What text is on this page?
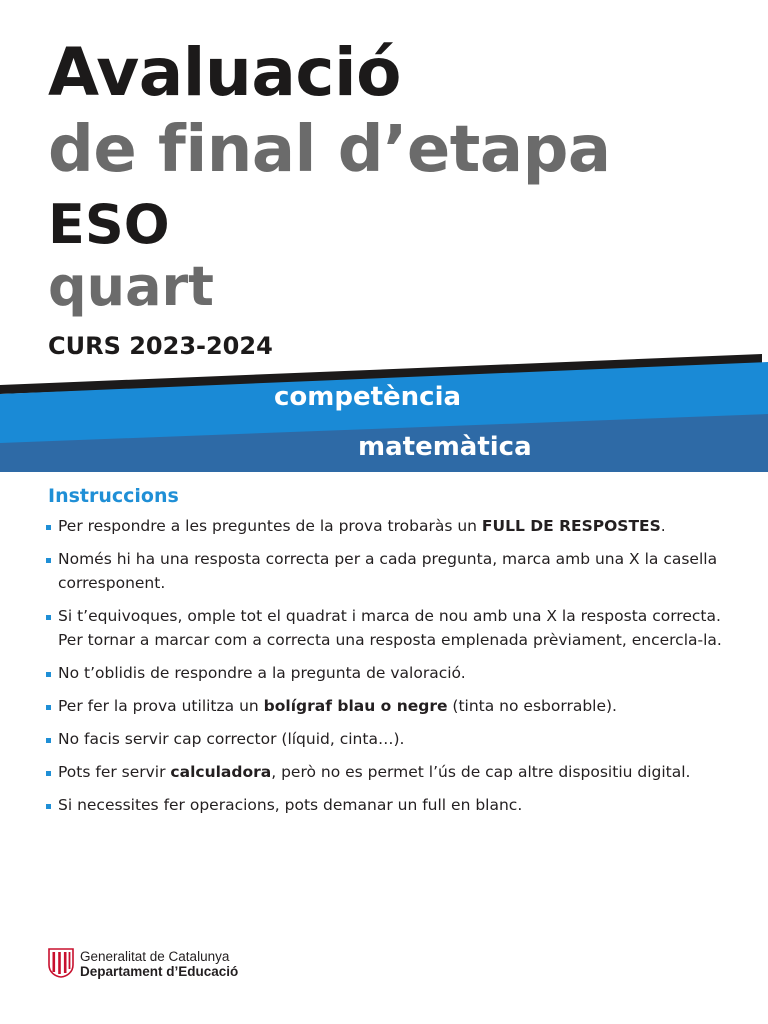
Avaluació
de final d’etapa
ESO
quart
CURS 2023-2024
competència
matemàtica
Instruccions
Per respondre a les preguntes de la prova trobaràs un FULL DE RESPOSTES.
Només hi ha una resposta correcta per a cada pregunta, marca amb una X la casella corresponent.
Si t’equivoques, omple tot el quadrat i marca de nou amb una X la resposta correcta. Per tornar a marcar com a correcta una resposta emplenada prèviament, encercla-la.
No t’oblidis de respondre a la pregunta de valoració.
Per fer la prova utilitza un bolígraf blau o negre (tinta no esborrable).
No facis servir cap corrector (líquid, cinta…).
Pots fer servir calculadora, però no es permet l’ús de cap altre dispositiu digital.
Si necessites fer operacions, pots demanar un full en blanc.
Generalitat de Catalunya
Departament d’Educació
